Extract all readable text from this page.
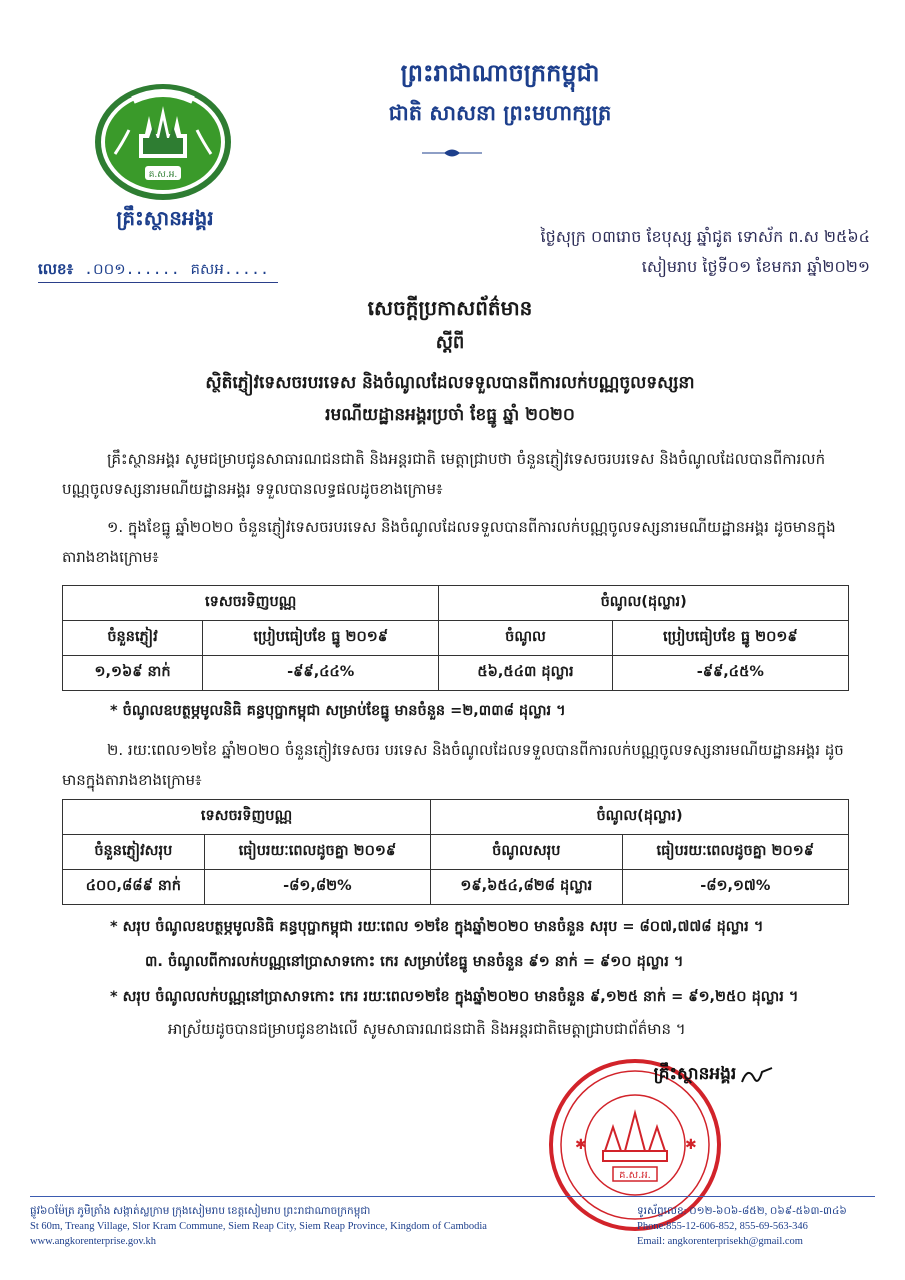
គ.ស.អ.
គ្រឹះស្ថានអង្គរ
លេខ៖ .០០១...... គសអ.....
ព្រះរាជាណាចក្រកម្ពុជា
ជាតិ សាសនា ព្រះមហាក្សត្រ
ថ្ងៃសុក្រ ០៣រោច ខែបុស្ស ឆ្នាំជូត ទោស័ក ព.ស ២៥៦៤
សៀមរាប ថ្ងៃទី០១ ខែមករា ឆ្នាំ២០២១
សេចក្ដីប្រកាសព័ត៌មាន
ស្ដីពី
ស្ថិតិភ្ញៀវទេសចរបរទេស និងចំណូលដែលទទួលបានពីការលក់បណ្ណចូលទស្សនា
រមណីយដ្ឋានអង្គរប្រចាំ ខែធ្នូ ឆ្នាំ ២០២០
គ្រឹះស្ថានអង្គរ សូមជម្រាបជូនសាធារណជនជាតិ និងអន្តរជាតិ មេត្តាជ្រាបថា ចំនួនភ្ញៀវទេសចរបរទេស និងចំណូលដែលបានពីការលក់បណ្ណចូលទស្សនារមណីយដ្ឋានអង្គរ ទទួលបានលទ្ធផលដូចខាងក្រោម៖
១. ក្នុងខែធ្នូ ឆ្នាំ២០២០ ចំនួនភ្ញៀវទេសចរបរទេស និងចំណូលដែលទទួលបានពីការលក់បណ្ណចូលទស្សនារមណីយដ្ឋានអង្គរ ដូចមានក្នុងតារាងខាងក្រោម៖
ទេសចរទិញបណ្ណ		ចំណូល(ដុល្លារ)	
ចំនួនភ្ញៀវ	ប្រៀបធៀបខែ ធ្នូ ២០១៩	ចំណូល	ប្រៀបធៀបខែ ធ្នូ ២០១៩
១,១៦៩ នាក់	-៩៩,៤៤%	៥៦,៥៤៣ ដុល្លារ	-៩៩,៤៥%
* ចំណូលឧបត្ថម្ភមូលនិធិ គន្ធបុប្ផាកម្ពុជា សម្រាប់ខែធ្នូ មានចំនួន =២,៣៣៨ ដុល្លារ ។
២. រយៈពេល១២ខែ ឆ្នាំ២០២០ ចំនួនភ្ញៀវទេសចរ បរទេស និងចំណូលដែលទទួលបានពីការលក់បណ្ណចូលទស្សនារមណីយដ្ឋានអង្គរ ដូចមានក្នុងតារាងខាងក្រោម៖
ទេសចរទិញបណ្ណ		ចំណូល(ដុល្លារ)	
ចំនួនភ្ញៀវសរុប	ធៀបរយៈពេលដូចគ្នា ២០១៩	ចំណូលសរុប	ធៀបរយៈពេលដូចគ្នា ២០១៩
៤០០,៨៨៩ នាក់	-៨១,៨២%	១៩,៦៥៤,៨២៨ ដុល្លារ	-៨១,១៧%
* សរុប ចំណូលឧបត្ថម្ភមូលនិធិ គន្ធបុប្ផាកម្ពុជា រយៈពេល ១២ខែ ក្នុងឆ្នាំ២០២០ មានចំនួន សរុប = ៨០៧,៧៧៨ ដុល្លារ ។
៣. ចំណូលពីការលក់បណ្ណនៅប្រាសាទកោះ កេរ សម្រាប់ខែធ្នូ មានចំនួន ៩១ នាក់ = ៩១០ ដុល្លារ ។
* សរុប ចំណូលលក់បណ្ណនៅប្រាសាទកោះ កេរ រយៈពេល១២ខែ ក្នុងឆ្នាំ២០២០ មានចំនួន ៩,១២៥ នាក់ = ៩១,២៥០ ដុល្លារ ។
អាស្រ័យដូចបានជម្រាបជូនខាងលើ សូមសាធារណជនជាតិ និងអន្តរជាតិមេត្តាជ្រាបជាព័ត៌មាន ។
គ.ស.អ.
✱	✱
គ្រឹះស្ថានអង្គរ
ផ្លូវ៦០ម៉ែត្រ ភូមិត្រាំង សង្កាត់ស្លក្រាម ក្រុងសៀមរាប ខេត្តសៀមរាប ព្រះរាជាណាចក្រកម្ពុជា
St 60m, Treang Village, Slor Kram Commune, Siem Reap City, Siem Reap Province, Kingdom of Cambodia
www.angkorenterprise.gov.kh
ទូរស័ព្ទលេខ: ០១២-៦០៦-៨៥២, ០៦៩-៥៦៣-៣៤៦
Phone:855-12-606-852, 855-69-563-346
Email: angkorenterprisekh@gmail.com
